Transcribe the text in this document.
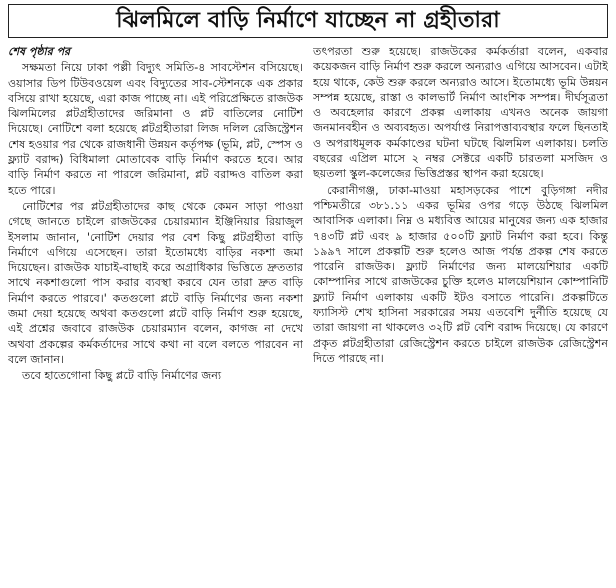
ঝিলমিলে বাড়ি নির্মাণে যাচ্ছেন না গ্রহীতারা

শেষ পৃষ্ঠার পর

সক্ষমতা নিয়ে ঢাকা পল্লী বিদ্যুৎ সমিতি-৪ সাবস্টেশন বসিয়েছে। ওয়াসার ডিপ টিউবওয়েল এবং বিদ্যুতের সাব-স্টেশনকে এক প্রকার বসিয়ে রাখা হয়েছে, এরা কাজ পাচ্ছে না। এই পরিপ্রেক্ষিতে রাজউক ঝিলমিলের প্লটগ্রহীতাদের জরিমানা ও প্লট বাতিলের নোটিশ দিয়েছে। নোটিশে বলা হয়েছে প্লটগ্রহীতারা লিজ দলিল রেজিস্ট্রেশন শেষ হওয়ার পর থেকে রাজধানী উন্নয়ন কর্তৃপক্ষ (ভূমি, প্লট, স্পেস ও ফ্ল্যাট বরাদ্দ) বিধিমালা মোতাবেক বাড়ি নির্মাণ করতে হবে। আর বাড়ি নির্মাণ করতে না পারলে জরিমানা, প্লট বরাদ্দও বাতিল করা হতে পারে।

নোটিশের পর প্লটগ্রহীতাদের কাছ থেকে কেমন সাড়া পাওয়া গেছে জানতে চাইলে রাজউকের চেয়ারম্যান ইঞ্জিনিয়ার রিয়াজুল ইসলাম জানান, 'নোটিশ দেয়ার পর বেশ কিছু প্লটগ্রহীতা বাড়ি নির্মাণে এগিয়ে এসেছেন। তারা ইতোমধ্যে বাড়ির নকশা জমা দিয়েছেন। রাজউক যাচাই-বাছাই করে অগ্রাধিকার ভিত্তিতে দ্রুততার সাথে নকশাগুলো পাস করার ব্যবস্থা করবে যেন তারা দ্রুত বাড়ি নির্মাণ করতে পারবে।' কতগুলো প্লটে বাড়ি নির্মাণের জন্য নকশা জমা দেয়া হয়েছে অথবা কতগুলো প্লটে বাড়ি নির্মাণ শুরু হয়েছে, এই প্রশ্নের জবাবে রাজউক চেয়ারম্যান বলেন, কাগজ না দেখে অথবা প্রকল্পের কর্মকর্তাদের সাথে কথা না বলে বলতে পারবেন না বলে জানান।

তবে হাতেগোনা কিছু প্লটে বাড়ি নির্মাণের জন্য

তৎপরতা শুরু হয়েছে। রাজউকের কর্মকর্তারা বলেন, একবার কয়েকজন বাড়ি নির্মাণ শুরু করলে অন্যরাও এগিয়ে আসবেন। এটাই হয়ে থাকে, কেউ শুরু করলে অন্যরাও আসে। ইতোমধ্যে ভূমি উন্নয়ন সম্পন্ন হয়েছে, রাস্তা ও কালভার্ট নির্মাণ আংশিক সম্পন্ন। দীর্ঘসূত্রতা ও অবহেলার কারণে প্রকল্প এলাকায় এখনও অনেক জায়গা জনমানবহীন ও অব্যবহৃত। অপর্যাপ্ত নিরাপত্তাব্যবস্থার ফলে ছিনতাই ও অপরাধমূলক কর্মকাণ্ডের ঘটনা ঘটছে ঝিলমিল এলাকায়। চলতি বছরের এপ্রিল মাসে ২ নম্বর সেক্টরে একটি চারতলা মসজিদ ও ছয়তলা স্কুল-কলেজের ভিত্তিপ্রস্তর স্থাপন করা হয়েছে।

কেরানীগঞ্জ, ঢাকা-মাওয়া মহাসড়কের পাশে বুড়িগঙ্গা নদীর পশ্চিমতীরে ৩৮১.১১ একর ভূমির ওপর গড়ে উঠছে ঝিলমিল আবাসিক এলাকা। নিম্ন ও মধ্যবিত্ত আয়ের মানুষের জন্য এক হাজার ৭৪৩টি প্লট এবং ৯ হাজার ৫০০টি ফ্ল্যাট নির্মাণ করা হবে। কিন্তু ১৯৯৭ সালে প্রকল্পটি শুরু হলেও আজ পর্যন্ত প্রকল্প শেষ করতে পারেনি রাজউক। ফ্ল্যাট নির্মাণের জন্য মালয়েশিয়ার একটি কোম্পানির সাথে রাজউকের চুক্তি হলেও মালয়েশিয়ান কোম্পানিটি ফ্ল্যাট নির্মাণ এলাকায় একটি ইটও বসাতে পারেনি। প্রকল্পটিতে ফ্যাসিস্ট শেখ হাসিনা সরকারের সময় এতবেশি দুর্নীতি হয়েছে যে তারা জায়গা না থাকলেও ৩২টি প্লট বেশি বরাদ্দ দিয়েছে। যে কারণে প্রকৃত প্লটগ্রহীতারা রেজিস্ট্রেশন করতে চাইলে রাজউক রেজিস্ট্রেশন দিতে পারছে না।
